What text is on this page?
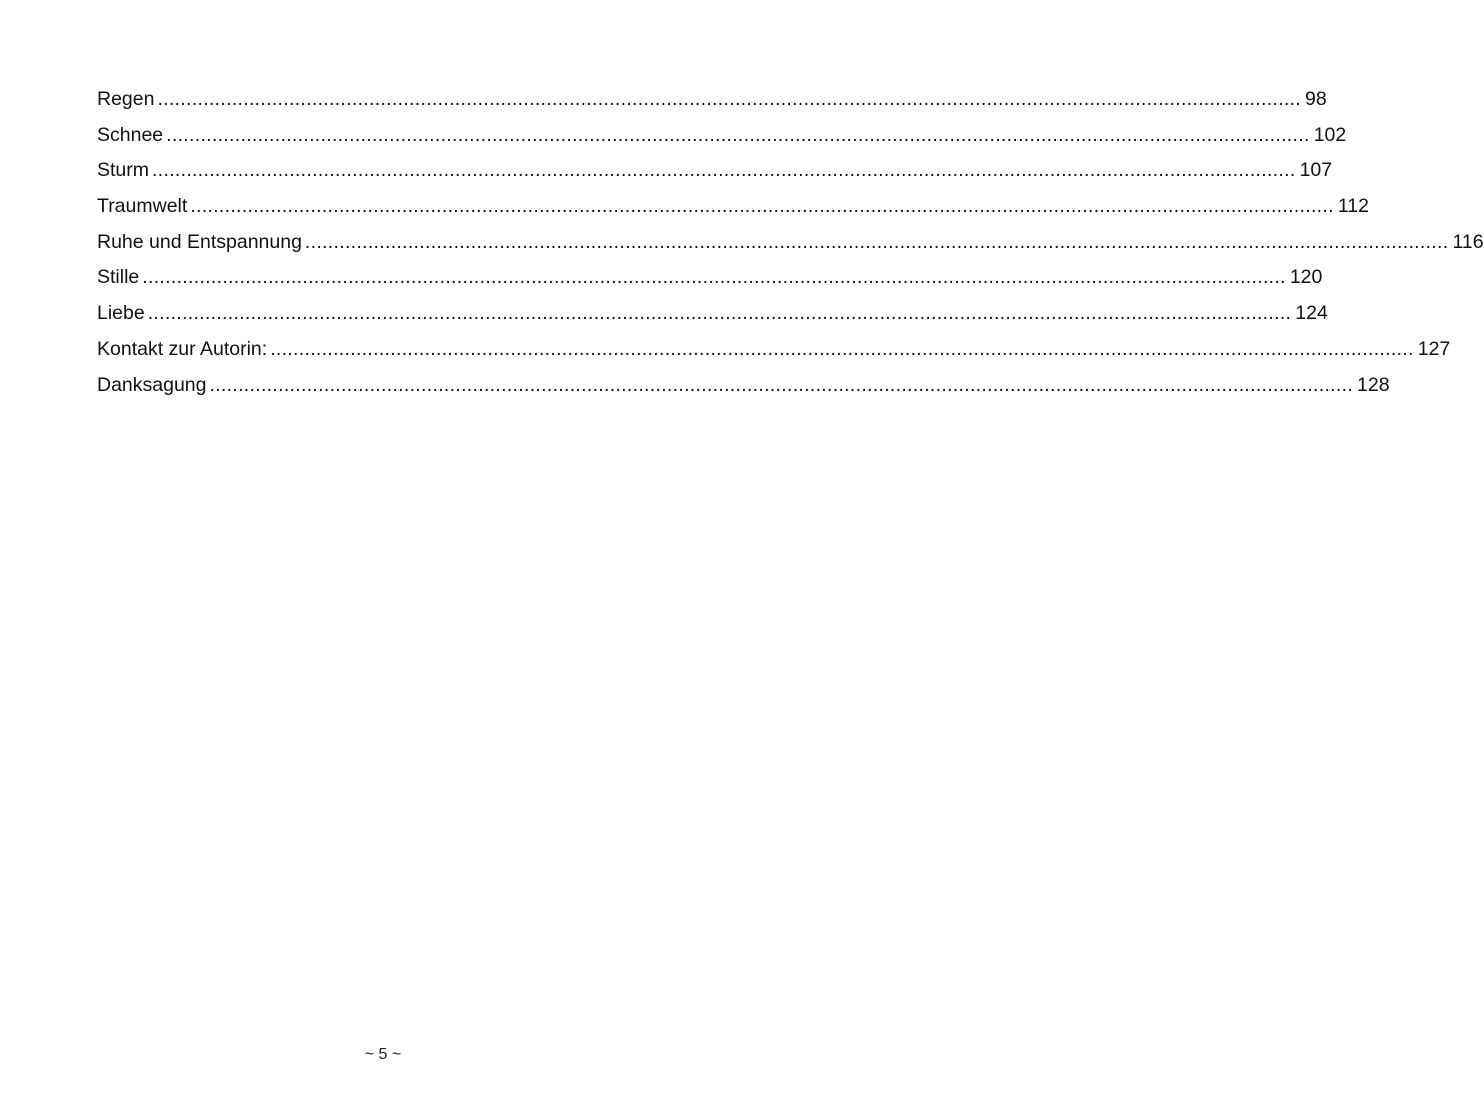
Regen ........................................................................................................................................................................................................ 98
Schnee ........................................................................................................................................................................................................ 102
Sturm ........................................................................................................................................................................................................ 107
Traumwelt ........................................................................................................................................................................................................ 112
Ruhe und Entspannung ........................................................................................................................................................................................................ 116
Stille ........................................................................................................................................................................................................ 120
Liebe ........................................................................................................................................................................................................ 124
Kontakt zur Autorin: ........................................................................................................................................................................................................ 127
Danksagung ........................................................................................................................................................................................................ 128
~ 5 ~
